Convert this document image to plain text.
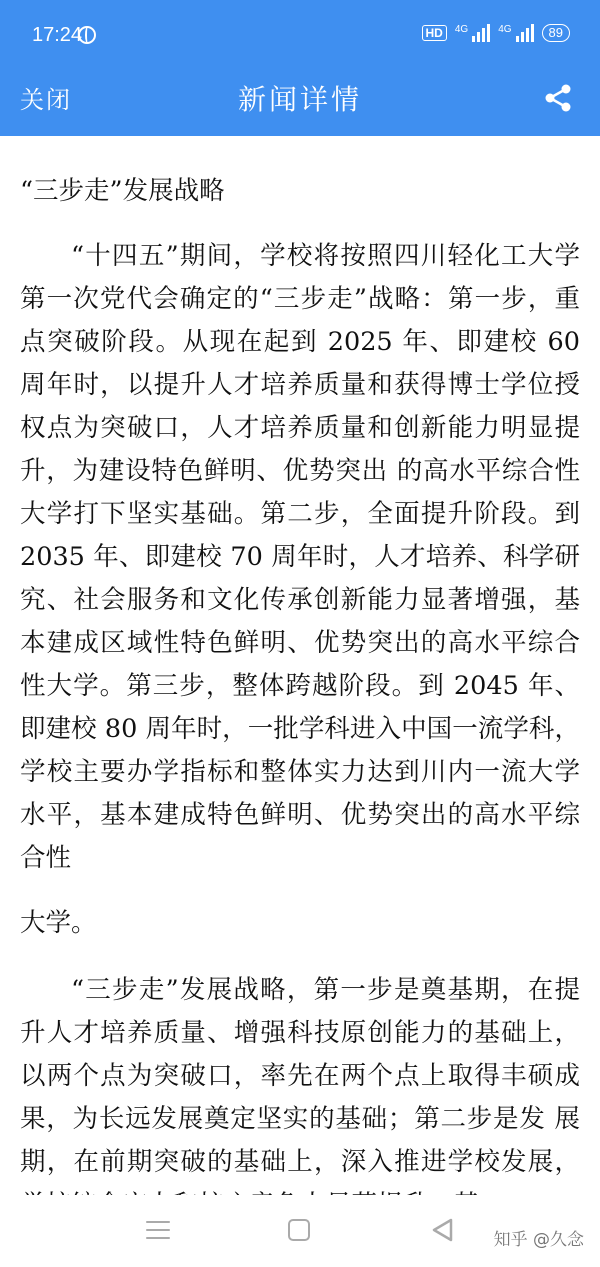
17:24	HD	4G	4G	89
关闭	新闻详情
“三步走”发展战略
“十四五”期间，学校将按照四川轻化工大学第一次党代会确定的“三步走”战略：第一步，重点突破阶段。从现在起到 2025 年、即建校 60 周年时，以提升人才培养质量和获得博士学位授权点为突破口，人才培养质量和创新能力明显提升，为建设特色鲜明、优势突出 的高水平综合性大学打下坚实基础。第二步，全面提升阶段。到 2035 年、即建校 70 周年时，人才培养、科学研究、社会服务和文化传承创新能力显著增强，基 本建成区域性特色鲜明、优势突出的高水平综合性大学。第三步，整体跨越阶段。到 2045 年、即建校 80 周年时，一批学科进入中国一流学科，学校主要办学指标和整体实力达到川内一流大学水平，基本建成特色鲜明、优势突出的高水平综合性
大学。
“三步走”发展战略，第一步是奠基期，在提升人才培养质量、增强科技原创能力的基础上，以两个点为突破口，率先在两个点上取得丰硕成果，为长远发展奠定坚实的基础；第二步是发 展期，在前期突破的基础上，深入推进学校发展，
知乎 @久念
